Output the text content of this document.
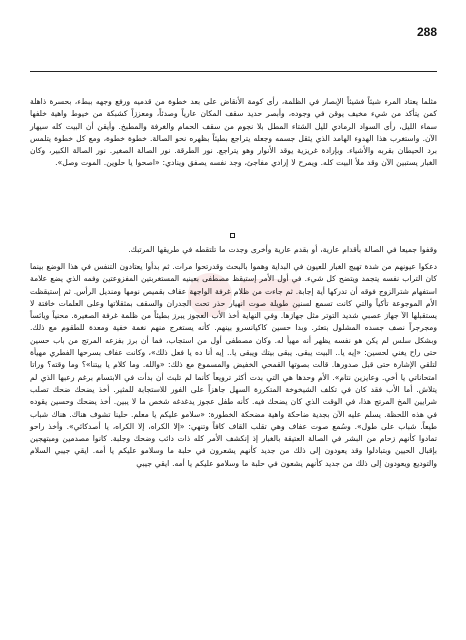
288

مثلما يعتاد المرء شيئاً فشيئاً الإبصار في الظلمة، رأى كومة الأنقاض على بعد خطوة من قدميه ورفع وجهه ببطء، بحسرة ذاهلة كمن يتأكد من شيء مخيف يوقن في وجوده، وأبصر حديد سقف المكان عارياً وصدئاً، ومعززاً كشبكة من خيوط واهية خلفها سماء الليل، رأى السواد الرمادي لليل الشتاء المطل بلا نجوم من سقف الحمام والغرفة والمطبخ. وأيقن أن البيت كله سيهار الآن. واستغرب هذا الهدوء الهامد الذي يثقل جسمه وجعله يتراجع بطيئاً بظهره نحو الصالة. خطوة خطوة، ومع كل خطوة يتلمس برد الحيطان بقربه والأشياء. وبإرادة غريزية يوقد الأنوار وهو يتراجع. نور الطرقة. نور الصالة الصغير. نور الصالة الكبير، وكان الغبار يستبين الآن وقد ملأ البيت كله. ويمرح لا إرادي مفاجئ، وجد نفسه يصفق وينادي: «اصحوا يا حلوين. الموت وصل».

وقفوا جميعا في الصالة بأقدام عارية، أو بقدم عارية وأخرى وجدت ما تلتقطه في طريقها المرتبك.

دعكوا عيونهم من شدة تهيج الغبار للعيون في البداية وهموا بالبحث وقدرتحوا مرات. ثم بدأوا يعتادون التنفس في هذا الوضع بينما كان التراب نفسه يتجمد ويتضح كل شيء. في أول الأمر إستيقظ مصطفى بعينيه المستغربتين المفزوعتين وفمه الذي يضع علامة استفهام شترالزوج فوقه أن تدركها أية إجابة. ثم جاءت من ظلام غرفة الواجهة عفاف بقميص نومها ومنديل الرأس. ثم إستيقظت الأم الموجوعة تأكياً والتي كانت تسمع لسنين طويلة صوت انهيار حذر تحت الجدران والسقف بمثقلاتها وعلى العلمات خافتة لا يستقبلها الآ جهاز عصبي شديد التوتر مثل جهازها. وفي النهاية أخذ الأب العجوز يبرز بطيئاً من ظلمة غرفة الصغيرة. محنياً ويائساً ومجرجراً نصف جسده المشلول بتعثر. وبدا حسين كاكيانسرو بينهم. كأنه يستغرج منهم نغمة خفية ومعدة للطقوم مع ذلك. وبشكل سلس لم يكن هو نفسه يظهر أنه مهيأ له. وكان مصطفى أول من استجاب، فما أن برز بفزعه المرتج من باب حسين حتى راح يغني لحسين: «إيه يا.. البيت يبقى. يبقى بيتك ويبقى يا.. إيه أنا ده يا فعل ذلك»، وكانت عفاف بسرحها الفطري مهيأة لتلقي الإشارة حتى قبل صدورها. قالت بصوتها القمحي الخفيض والمسموع مع ذلك: «والله. وما كلام يا بيتنا»؟ وما وقته؟ وراتا امتحاناتي يا أخي. وعايزين نتام». الأم وحدها هي التي بدت أكثر ترويعاً كأنما لم تلبث أن بدأت في الابتسام برغم رعبها الذي لم يتلاش. أما الأب فقد كان في تكلف الشيخوخة المتكررة السهل جاهزاً على الفور للاستجابة للمثير. أخذ يضحك ضحك تصلب شرايين المخ المرتج هذا، في الوقت الذي كان يضحك فيه. كأنه طفل عجوز يدغدغه شخص ما لا يبين. أخذ يضحك وحسين يقوده في هذه اللحظة. يسلم عليه الآن بجدية ضاحكة واهية مضحكة الخطورة: «سلامو عليكم يا معلم. حلينا تشوف هناك. هناك شباب طيعاً. شباب على طول». وسُمع صوت عفاف وهي تقلب القاف كافاً وتنهي: «إلا الكراه، إلا الكراه، يا أصدكائي». وأخذ راحو تمادوا كأنهم زحام من البشر في الصالة العتيقة بالغبار إذ إنكشف الأمر كله ذات دائب وضحك وجلبة. كانوا مصدمين ومبتهجين بإقبال الحيين وبتبادلوا وقد يعودون إلى ذلك من جديد كأنهم يشعرون في حلبة ما وسلامو عليكم يا أمه. ايقي جيبي السلام والتوديع ويعودون إلى ذلك من جديد كأنهم يشعون في حلبة ما وسلامو عليكم يا أمه. ايقي جيبي
